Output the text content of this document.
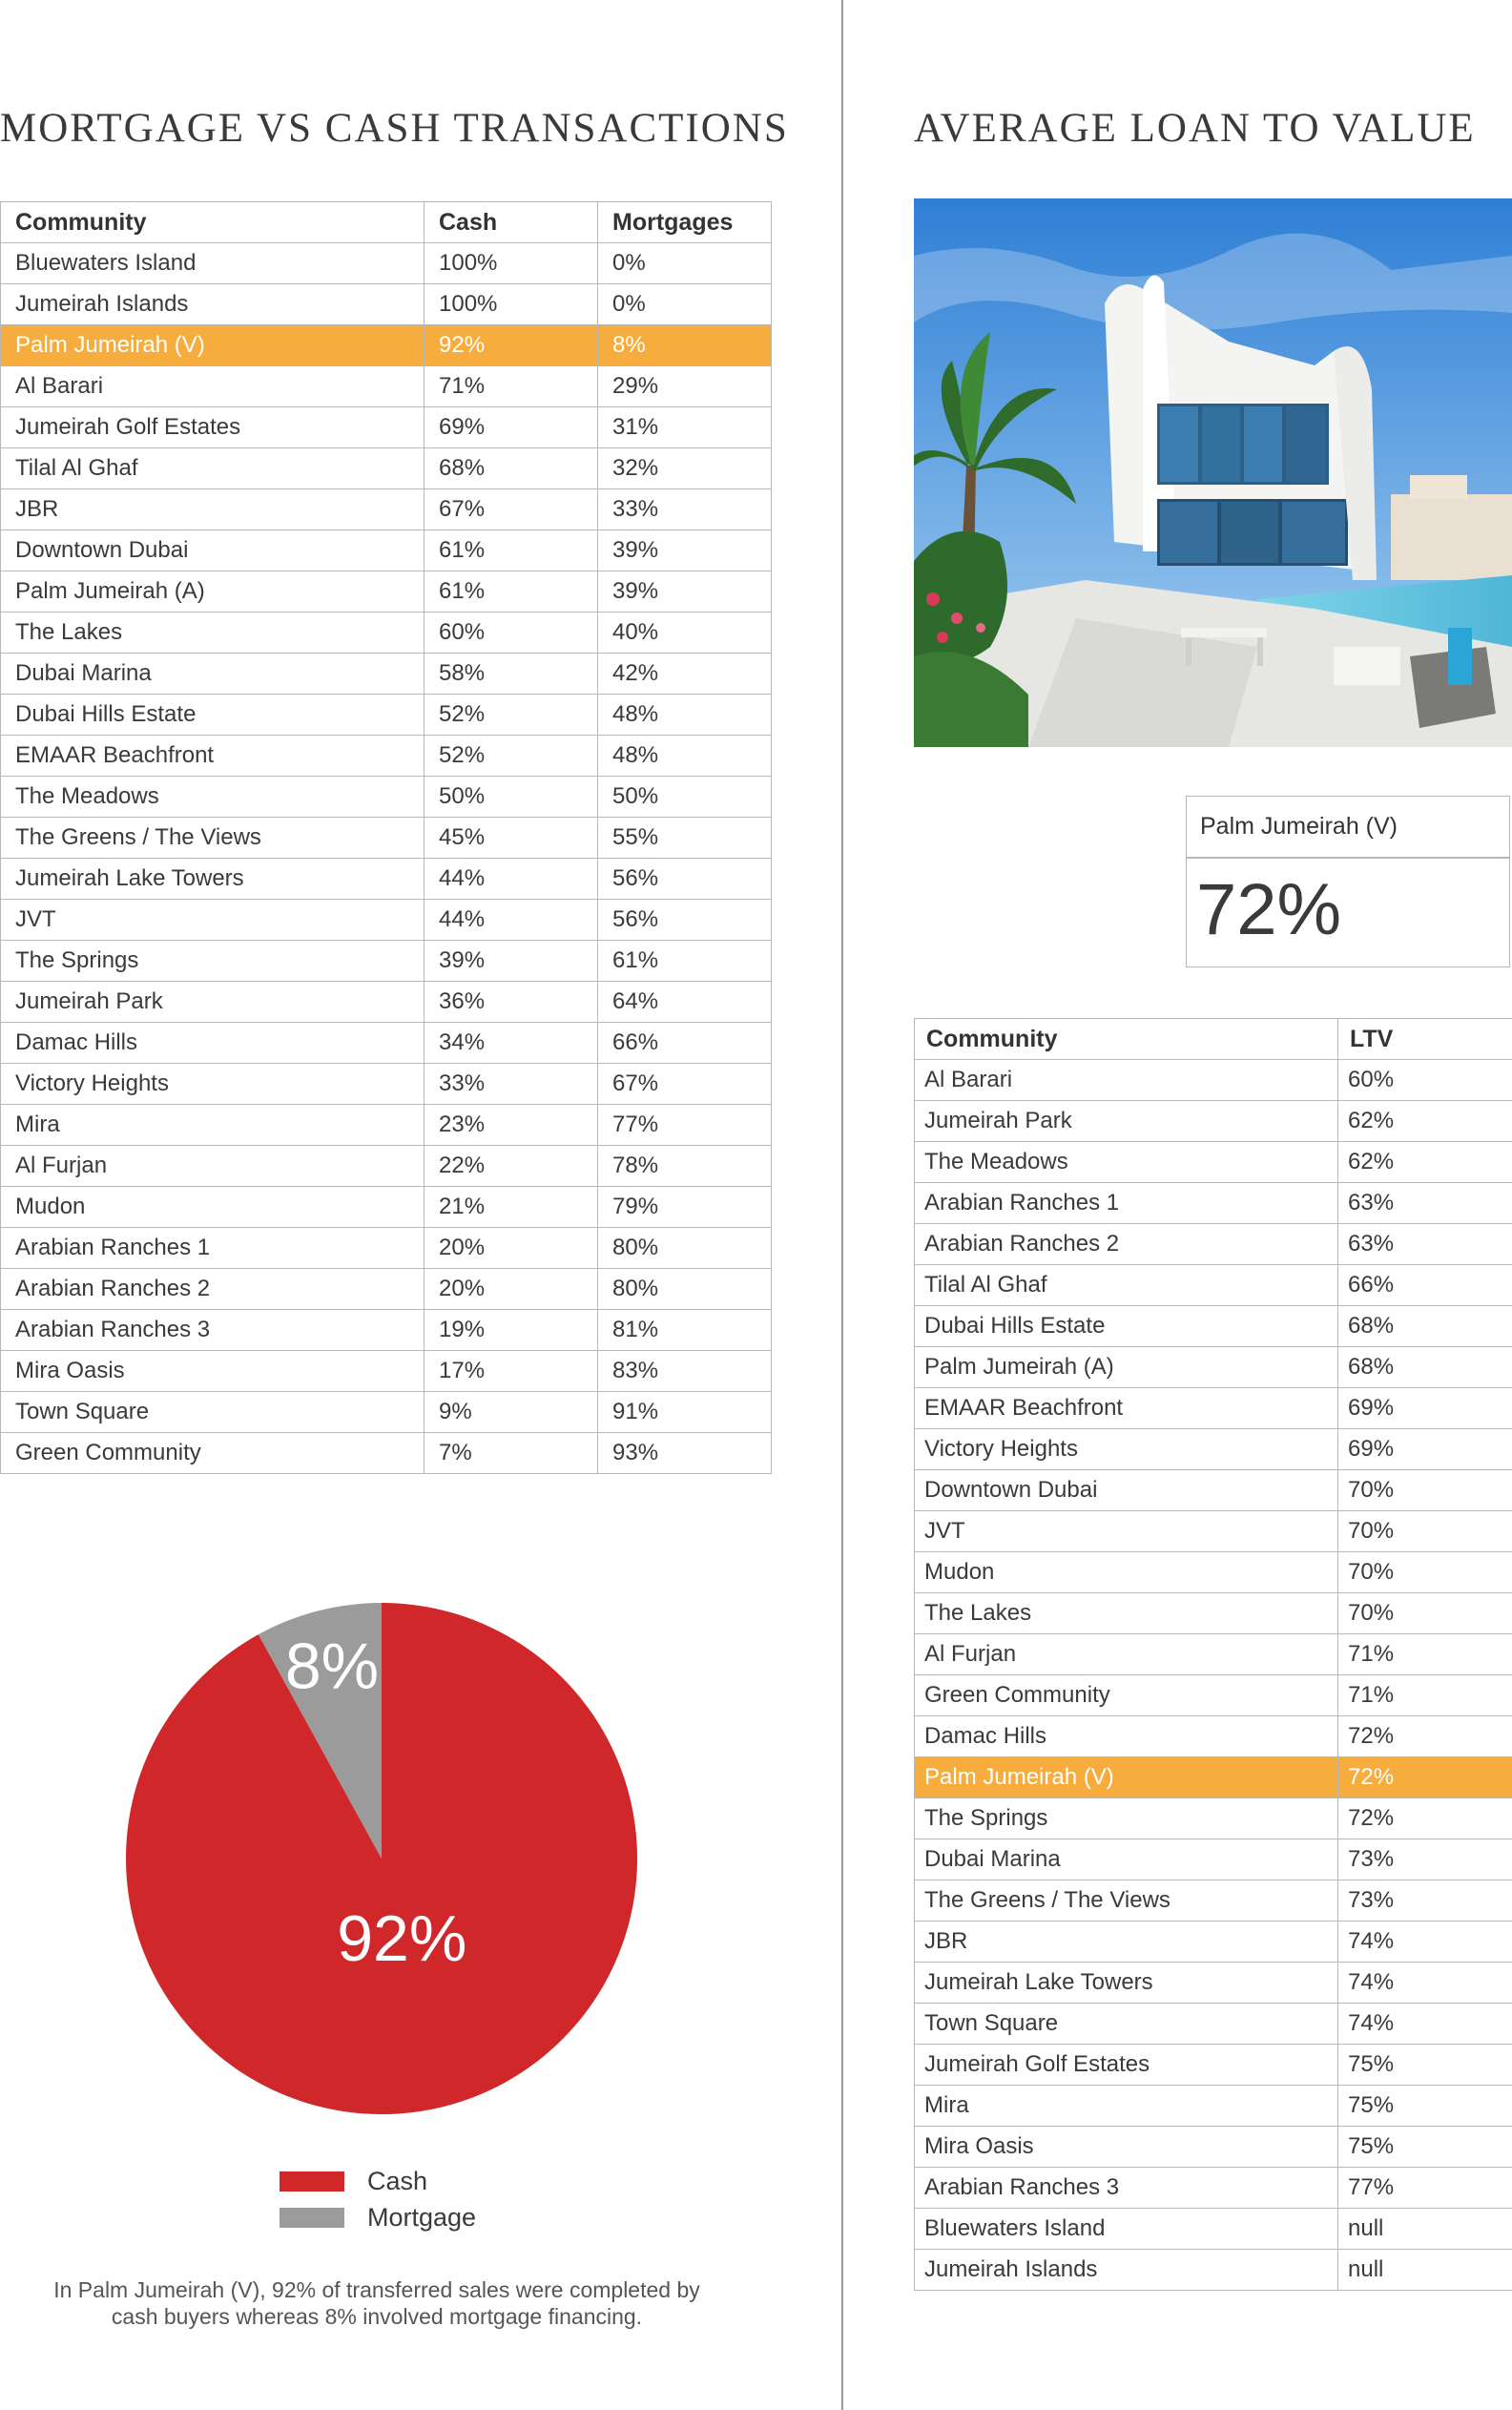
MORTGAGE VS CASH TRANSACTIONS
Community	Cash	Mortgages
Bluewaters Island	100%	0%
Jumeirah Islands	100%	0%
Palm Jumeirah (V)	92%	8%
Al Barari	71%	29%
Jumeirah Golf Estates	69%	31%
Tilal Al Ghaf	68%	32%
JBR	67%	33%
Downtown Dubai	61%	39%
Palm Jumeirah (A)	61%	39%
The Lakes	60%	40%
Dubai Marina	58%	42%
Dubai Hills Estate	52%	48%
EMAAR Beachfront	52%	48%
The Meadows	50%	50%
The Greens / The Views	45%	55%
Jumeirah Lake Towers	44%	56%
JVT	44%	56%
The Springs	39%	61%
Jumeirah Park	36%	64%
Damac Hills	34%	66%
Victory Heights	33%	67%
Mira	23%	77%
Al Furjan	22%	78%
Mudon	21%	79%
Arabian Ranches 1	20%	80%
Arabian Ranches 2	20%	80%
Arabian Ranches 3	19%	81%
Mira Oasis	17%	83%
Town Square	9%	91%
Green Community	7%	93%
92%
8%
Cash
Mortgage

In Palm Jumeirah (V), 92% of transferred sales were completed by cash buyers whereas 8% involved mortgage financing.

AVERAGE LOAN TO VALUE
Palm Jumeirah (V)
72%
Community	LTV
Al Barari	60%
Jumeirah Park	62%
The Meadows	62%
Arabian Ranches 1	63%
Arabian Ranches 2	63%
Tilal Al Ghaf	66%
Dubai Hills Estate	68%
Palm Jumeirah (A)	68%
EMAAR Beachfront	69%
Victory Heights	69%
Downtown Dubai	70%
JVT	70%
Mudon	70%
The Lakes	70%
Al Furjan	71%
Green Community	71%
Damac Hills	72%
Palm Jumeirah (V)	72%
The Springs	72%
Dubai Marina	73%
The Greens / The Views	73%
JBR	74%
Jumeirah Lake Towers	74%
Town Square	74%
Jumeirah Golf Estates	75%
Mira	75%
Mira Oasis	75%
Arabian Ranches 3	77%
Bluewaters Island	null
Jumeirah Islands	null
